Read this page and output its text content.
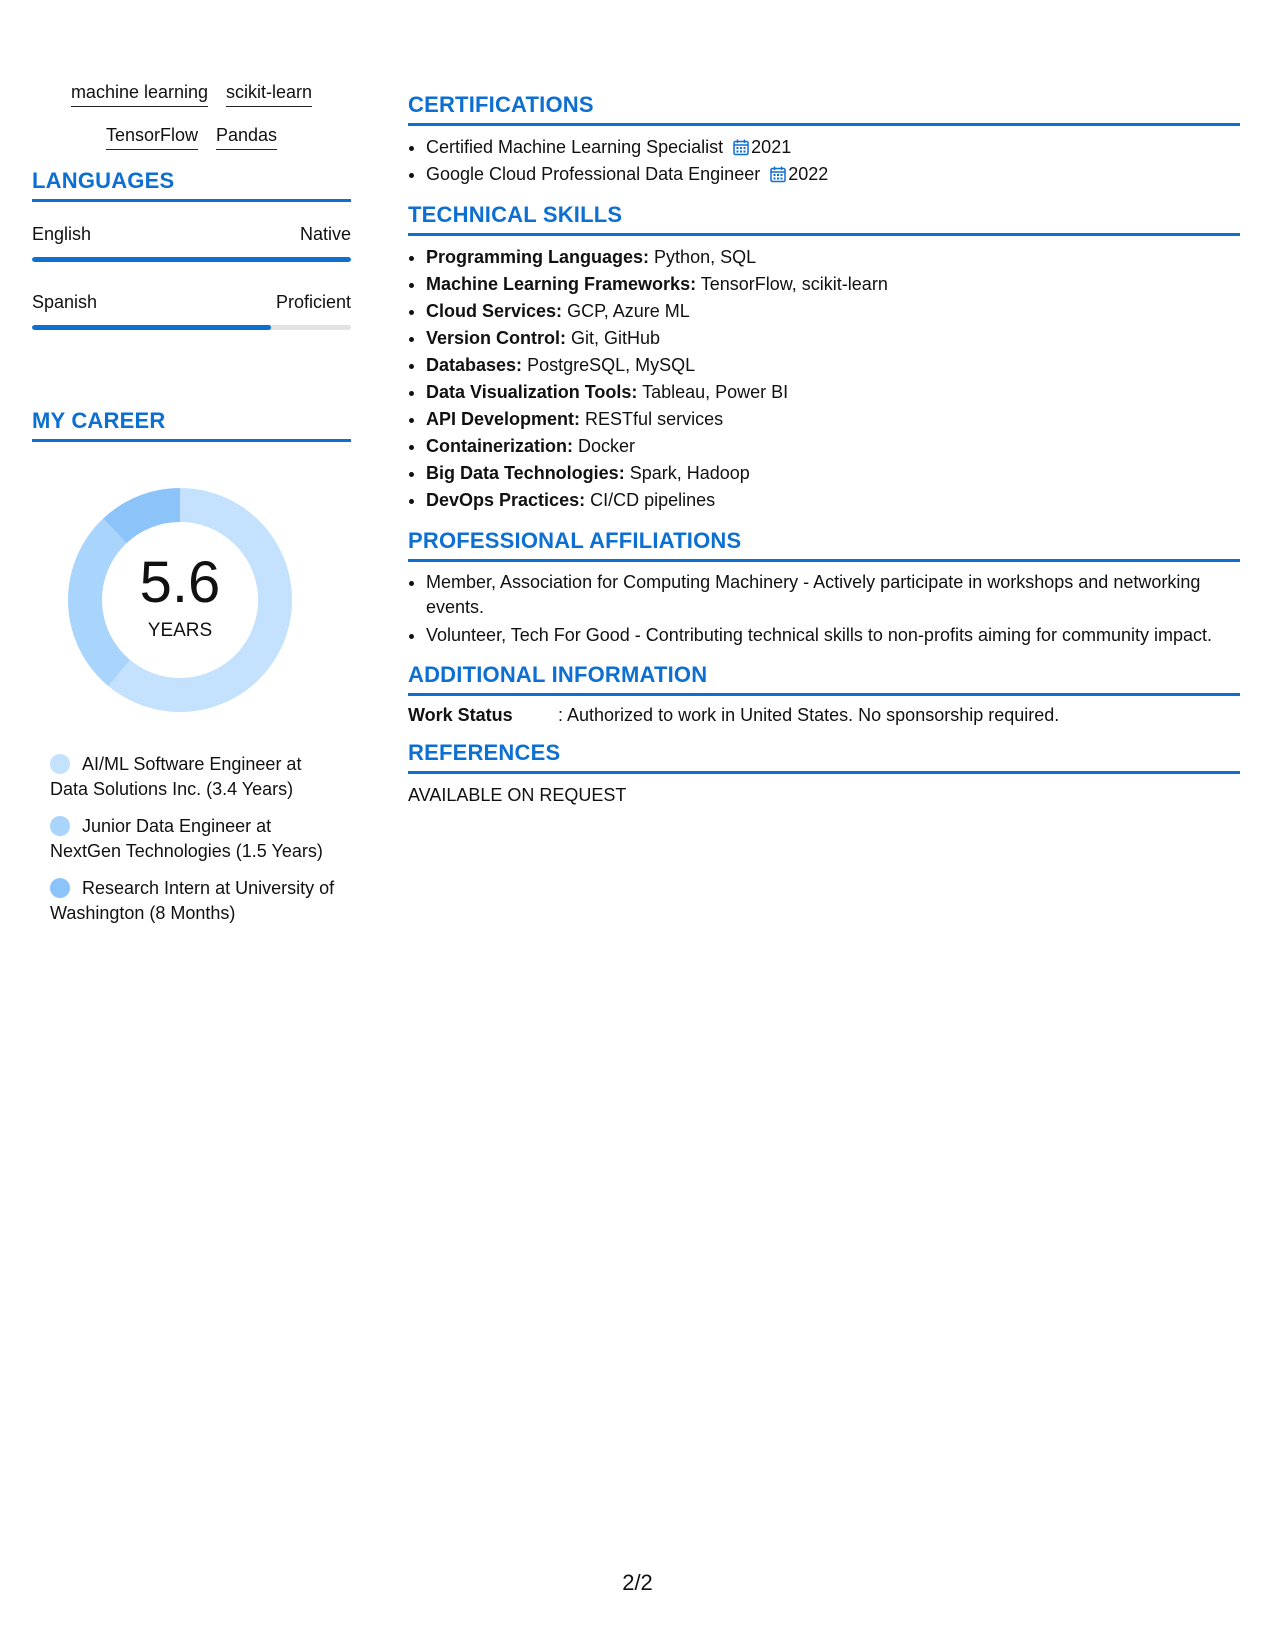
machine learning scikit-learn
TensorFlow Pandas
LANGUAGES
English	Native
Spanish	Proficient
MY CAREER
5.6
YEARS
AI/ML Software Engineer at Data Solutions Inc. (3.4 Years)
Junior Data Engineer at NextGen Technologies (1.5 Years)
Research Intern at University of Washington (8 Months)
CERTIFICATIONS
• Certified Machine Learning Specialist 2021
• Google Cloud Professional Data Engineer 2022
TECHNICAL SKILLS
• Programming Languages: Python, SQL
• Machine Learning Frameworks: TensorFlow, scikit-learn
• Cloud Services: GCP, Azure ML
• Version Control: Git, GitHub
• Databases: PostgreSQL, MySQL
• Data Visualization Tools: Tableau, Power BI
• API Development: RESTful services
• Containerization: Docker
• Big Data Technologies: Spark, Hadoop
• DevOps Practices: CI/CD pipelines
PROFESSIONAL AFFILIATIONS
• Member, Association for Computing Machinery - Actively participate in workshops and networking events.
• Volunteer, Tech For Good - Contributing technical skills to non-profits aiming for community impact.
ADDITIONAL INFORMATION
Work Status	: Authorized to work in United States. No sponsorship required.
REFERENCES
AVAILABLE ON REQUEST
2/2
